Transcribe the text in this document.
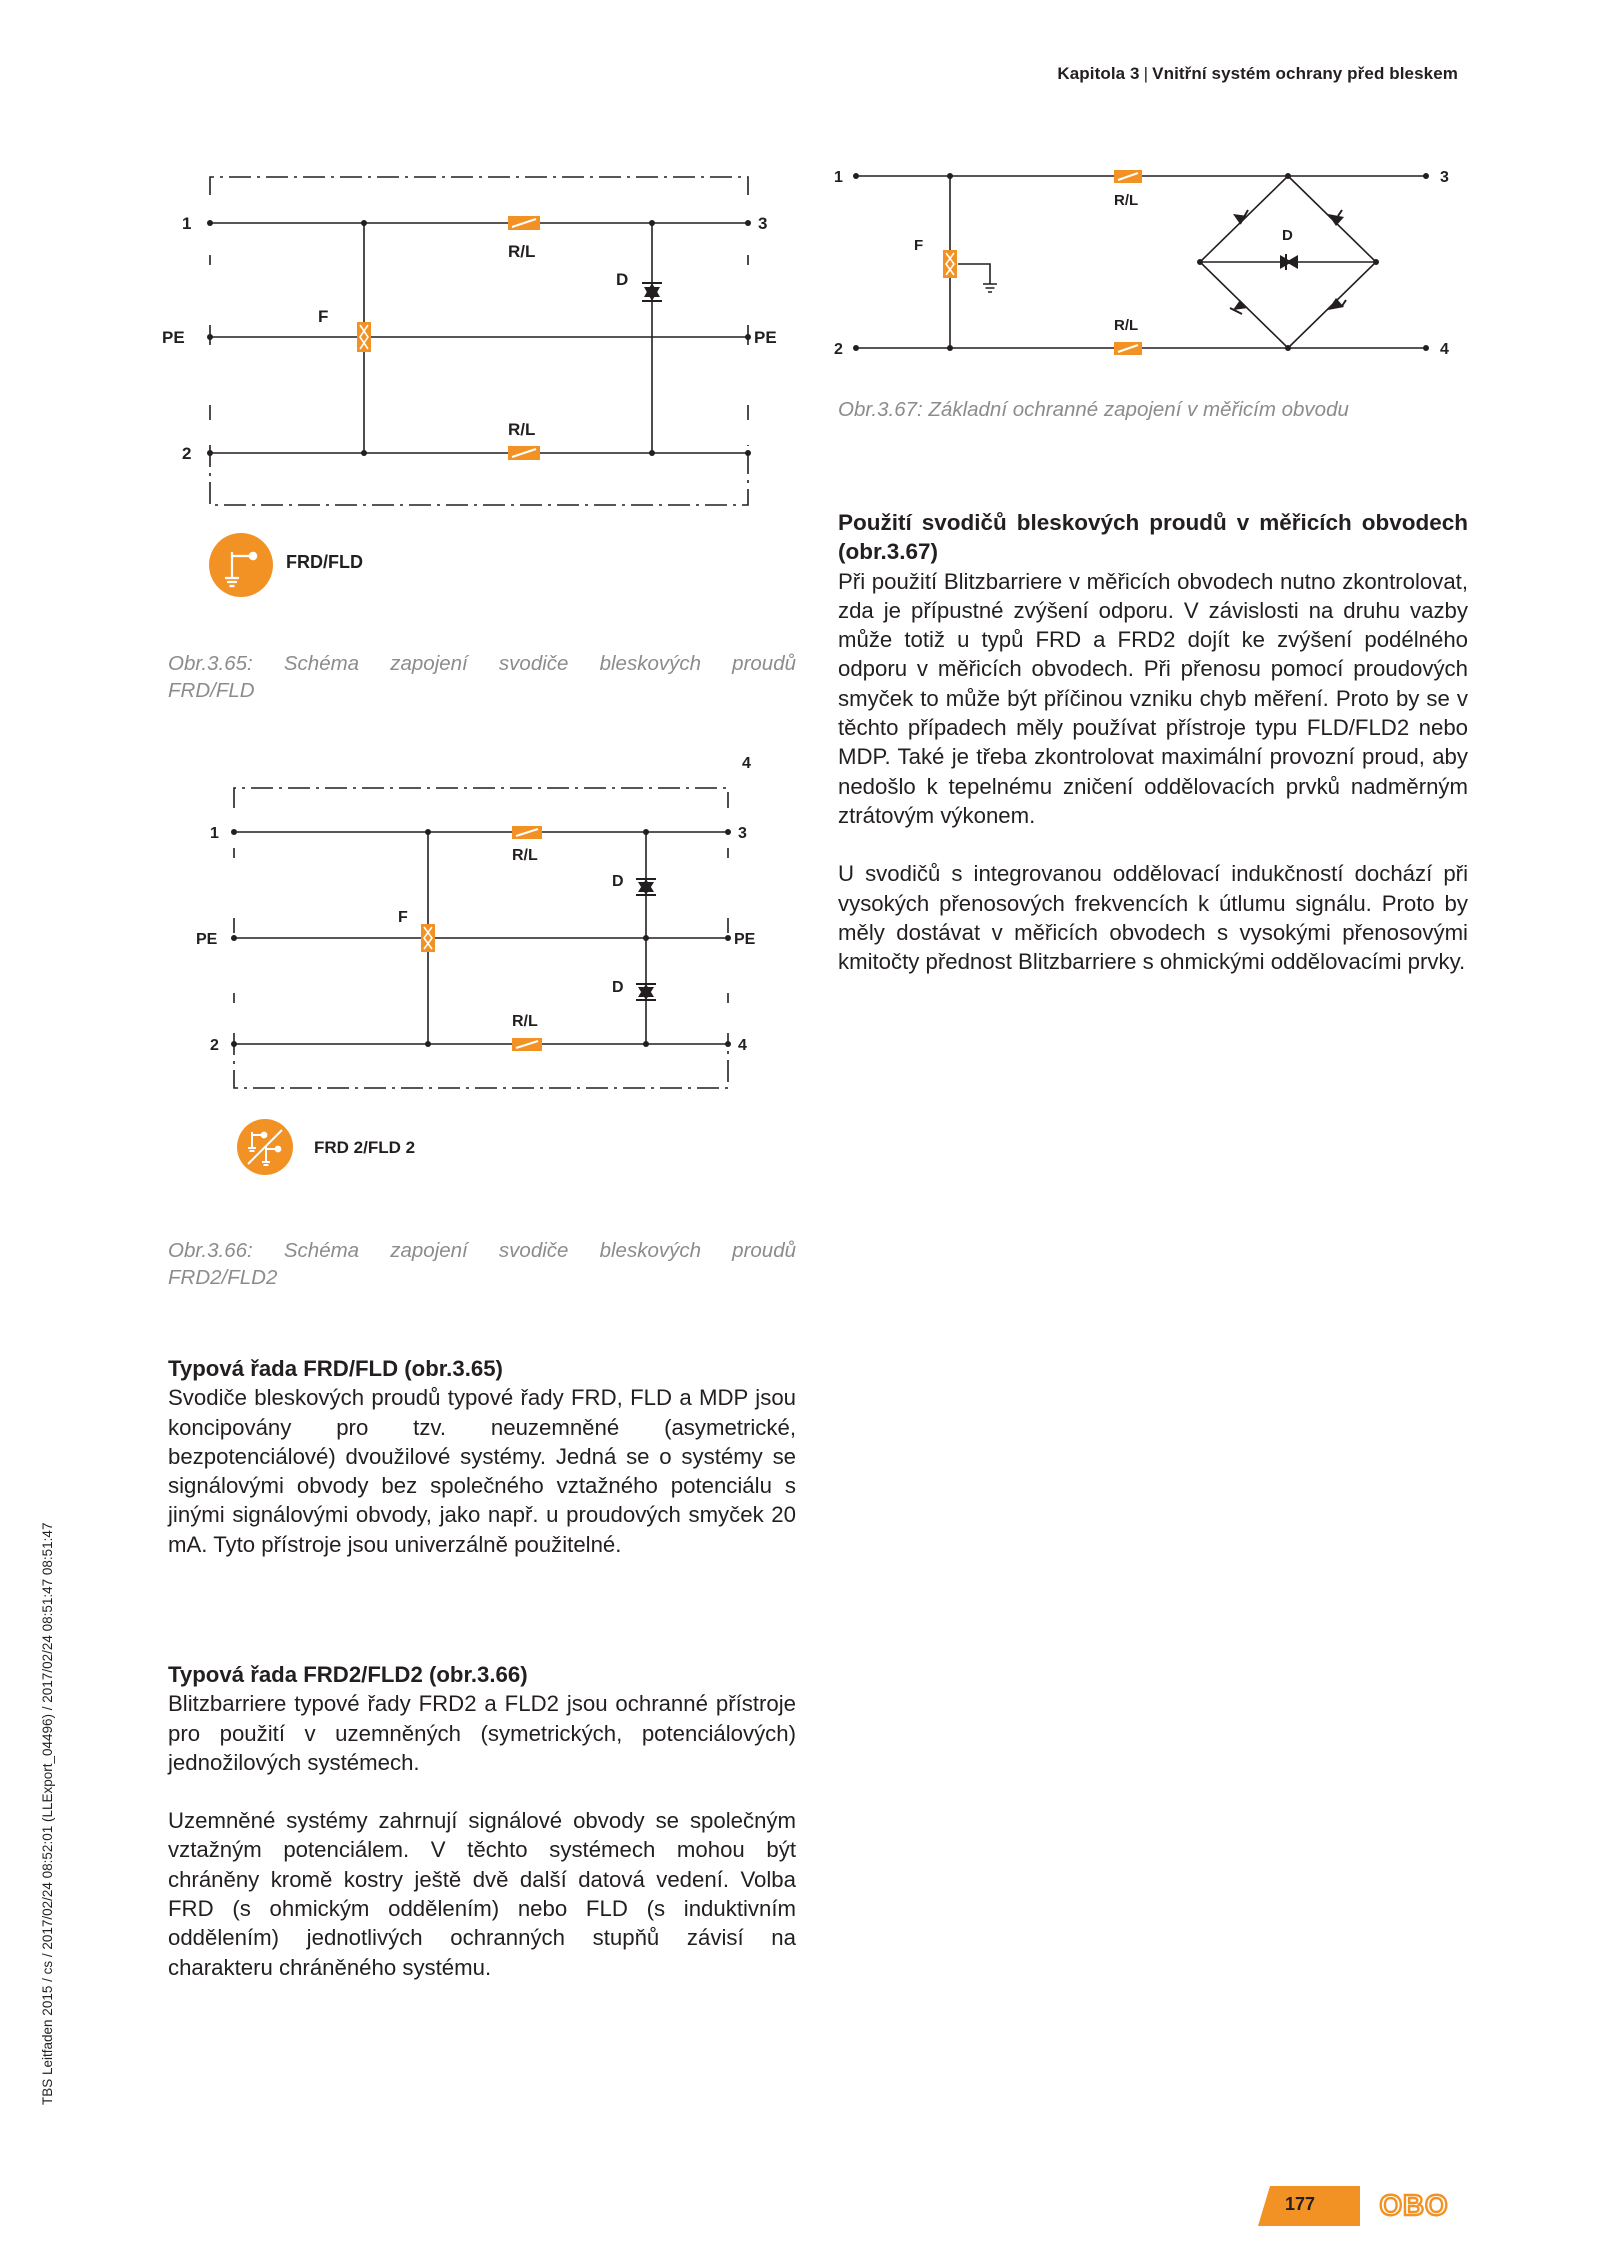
Kapitola 3 | Vnitřní systém ochrany před bleskem
1
PE
2
3
PE
R/L
R/L
F
D
FRD/FLD
Obr.3.65: Schéma zapojení svodiče bleskových proudů
FRD/FLD
1
PE
2
4
3
PE
4
R/L
R/L
F
D
D
FRD 2/FLD 2
Obr.3.66: Schéma zapojení svodiče bleskových proudů
FRD2/FLD2
1
2
3
4
R/L
R/L
F
D
Obr.3.67: Základní ochranné zapojení v měřicím obvodu

Použití svodičů bleskových proudů v měřicích obvodech (obr.3.67)

Při použití Blitzbarriere v měřicích obvodech nutno zkontrolovat, zda je přípustné zvýšení odporu. V závislosti na druhu vazby může totiž u typů FRD a FRD2 dojít ke zvýšení podélného odporu v měřicích obvodech. Při přenosu pomocí proudových smyček to může být příčinou vzniku chyb měření. Proto by se v těchto případech měly používat přístroje typu FLD/FLD2 nebo MDP. Také je třeba zkontrolovat maximální provozní proud, aby nedošlo k tepelnému zničení oddělovacích prvků nadměrným ztrátovým výkonem.

U svodičů s integrovanou oddělovací indukčností dochází při vysokých přenosových frekvencích k útlumu signálu. Proto by měly dostávat v měřicích obvodech s vysokými přenosovými kmitočty přednost Blitzbarriere s ohmickými oddělovacími prvky.

Typová řada FRD/FLD (obr.3.65)

Svodiče bleskových proudů typové řady FRD, FLD a MDP jsou koncipovány pro tzv. neuzemněné (asymetrické, bezpotenciálové) dvoužilové systémy. Jedná se o systémy se signálovými obvody bez společného vztažného potenciálu s jinými signálovými obvody, jako např. u proudových smyček 20 mA. Tyto přístroje jsou univerzálně použitelné.

Typová řada FRD2/FLD2 (obr.3.66)

Blitzbarriere typové řady FRD2 a FLD2 jsou ochranné přístroje pro použití v uzemněných (symetrických, potenciálových) jednožilových systémech.

Uzemněné systémy zahrnují signálové obvody se společným vztažným potenciálem. V těchto systémech mohou být chráněny kromě kostry ještě dvě další datová vedení. Volba FRD (s ohmickým oddělením) nebo FLD (s induktivním oddělením) jednotlivých ochranných stupňů závisí na charakteru chráněného systému.

TBS Leitfaden 2015 / cs / 2017/02/24 08:52:01 (LLExport_04496) / 2017/02/24 08:51:47 08:51:47
177 OBO
